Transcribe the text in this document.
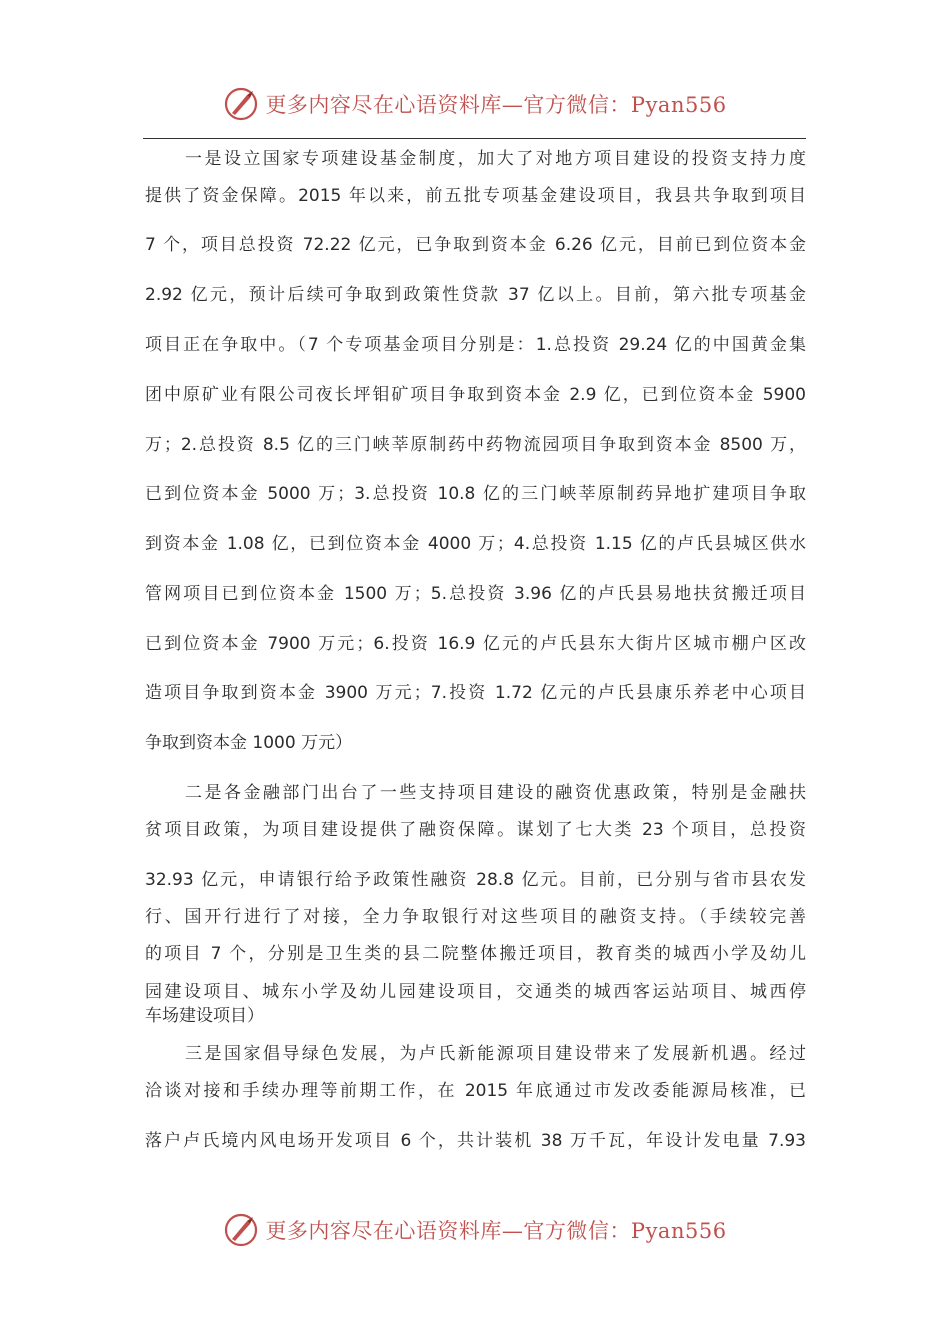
更多内容尽在心语资料库—官方微信：Pyan556
一是设立国家专项建设基金制度，加大了对地方项目建设的投资支持力度
提供了资金保障。2015 年以来，前五批专项基金建设项目，我县共争取到项目
7 个，项目总投资 72.22 亿元，已争取到资本金 6.26 亿元，目前已到位资本金
2.92 亿元，预计后续可争取到政策性贷款 37 亿以上。目前，第六批专项基金
项目正在争取中。（7 个专项基金项目分别是：1.总投资 29.24 亿的中国黄金集
团中原矿业有限公司夜长坪钼矿项目争取到资本金 2.9 亿，已到位资本金 5900
万；2.总投资 8.5 亿的三门峡莘原制药中药物流园项目争取到资本金 8500 万，
已到位资本金 5000 万；3.总投资 10.8 亿的三门峡莘原制药异地扩建项目争取
到资本金 1.08 亿，已到位资本金 4000 万；4.总投资 1.15 亿的卢氏县城区供水
管网项目已到位资本金 1500 万；5.总投资 3.96 亿的卢氏县易地扶贫搬迁项目
已到位资本金 7900 万元；6.投资 16.9 亿元的卢氏县东大街片区城市棚户区改
造项目争取到资本金 3900 万元；7.投资 1.72 亿元的卢氏县康乐养老中心项目
争取到资本金 1000 万元）
二是各金融部门出台了一些支持项目建设的融资优惠政策，特别是金融扶
贫项目政策，为项目建设提供了融资保障。谋划了七大类 23 个项目，总投资
32.93 亿元，申请银行给予政策性融资 28.8 亿元。目前，已分别与省市县农发
行、国开行进行了对接，全力争取银行对这些项目的融资支持。（手续较完善
的项目 7 个，分别是卫生类的县二院整体搬迁项目，教育类的城西小学及幼儿
园建设项目、城东小学及幼儿园建设项目，交通类的城西客运站项目、城西停
车场建设项目）
三是国家倡导绿色发展，为卢氏新能源项目建设带来了发展新机遇。经过
洽谈对接和手续办理等前期工作，在 2015 年底通过市发改委能源局核准，已
落户卢氏境内风电场开发项目 6 个，共计装机 38 万千瓦，年设计发电量 7.93
更多内容尽在心语资料库—官方微信：Pyan556
